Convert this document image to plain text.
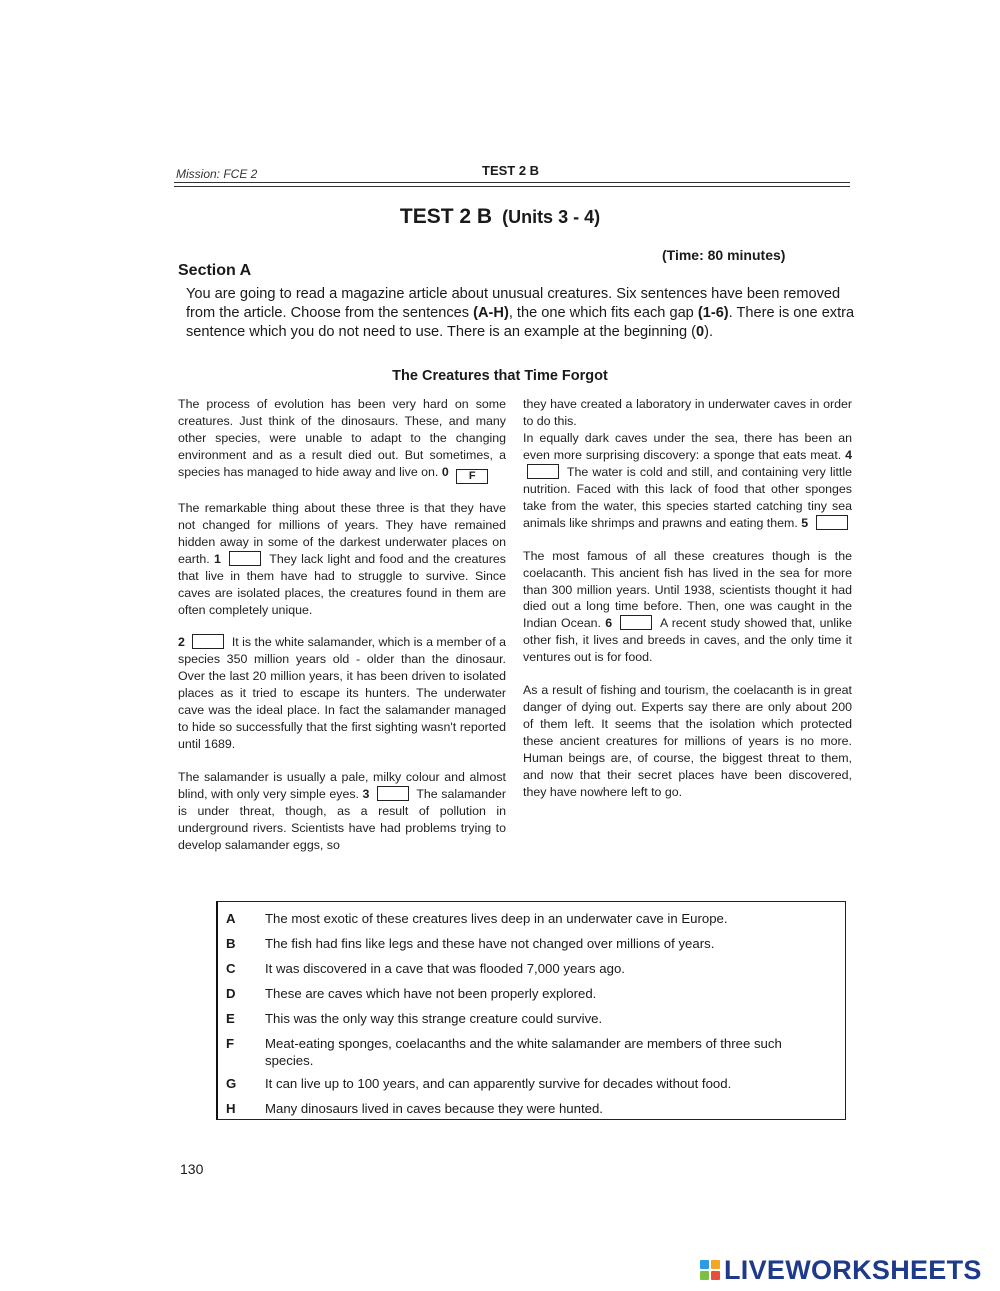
Mission: FCE 2	TEST 2 B
TEST 2 B (Units 3 - 4)
(Time: 80 minutes)
Section A
You are going to read a magazine article about unusual creatures. Six sentences have been removed from the article. Choose from the sentences (A-H), the one which fits each gap (1-6). There is one extra sentence which you do not need to use. There is an example at the beginning (0).
The Creatures that Time Forgot

The process of evolution has been very hard on some creatures. Just think of the dinosaurs. These, and many other species, were unable to adapt to the changing environment and as a result died out. But sometimes, a species has managed to hide away and live on. 0 F

The remarkable thing about these three is that they have not changed for millions of years. They have remained hidden away in some of the darkest underwater places on earth. 1	They lack light and food and the creatures that live in them have had to struggle to survive. Since caves are isolated places, the creatures found in them are often completely unique.

2	It is the white salamander, which is a member of a species 350 million years old - older than the dinosaur. Over the last 20 million years, it has been driven to isolated places as it tried to escape its hunters. The underwater cave was the ideal place. In fact the salamander managed to hide so successfully that the first sighting wasn't reported until 1689.

The salamander is usually a pale, milky colour and almost blind, with only very simple eyes. 3	The salamander is under threat, though, as a result of pollution in underground rivers. Scientists have had problems trying to develop salamander eggs, so

they have created a laboratory in underwater caves in order to do this.

In equally dark caves under the sea, there has been an even more surprising discovery: a sponge that eats meat. 4  The water is cold and still, and containing very little nutrition. Faced with this lack of food that other sponges take from the water, this species started catching tiny sea animals like shrimps and prawns and eating them. 5

The most famous of all these creatures though is the coelacanth. This ancient fish has lived in the sea for more than 300 million years. Until 1938, scientists thought it had died out a long time before. Then, one was caught in the Indian Ocean. 6	A recent study showed that, unlike other fish, it lives and breeds in caves, and the only time it ventures out is for food.

As a result of fishing and tourism, the coelacanth is in great danger of dying out. Experts say there are only about 200 of them left. It seems that the isolation which protected these ancient creatures for millions of years is no more. Human beings are, of course, the biggest threat to them, and now that their secret places have been discovered, they have nowhere left to go.

A The most exotic of these creatures lives deep in an underwater cave in Europe.
B The fish had fins like legs and these have not changed over millions of years.
C It was discovered in a cave that was flooded 7,000 years ago.
D These are caves which have not been properly explored.
E This was the only way this strange creature could survive.
F Meat-eating sponges, coelacanths and the white salamander are members of three such species.
G It can live up to 100 years, and can apparently survive for decades without food.
H Many dinosaurs lived in caves because they were hunted.
130
LIVEWORKSHEETS
